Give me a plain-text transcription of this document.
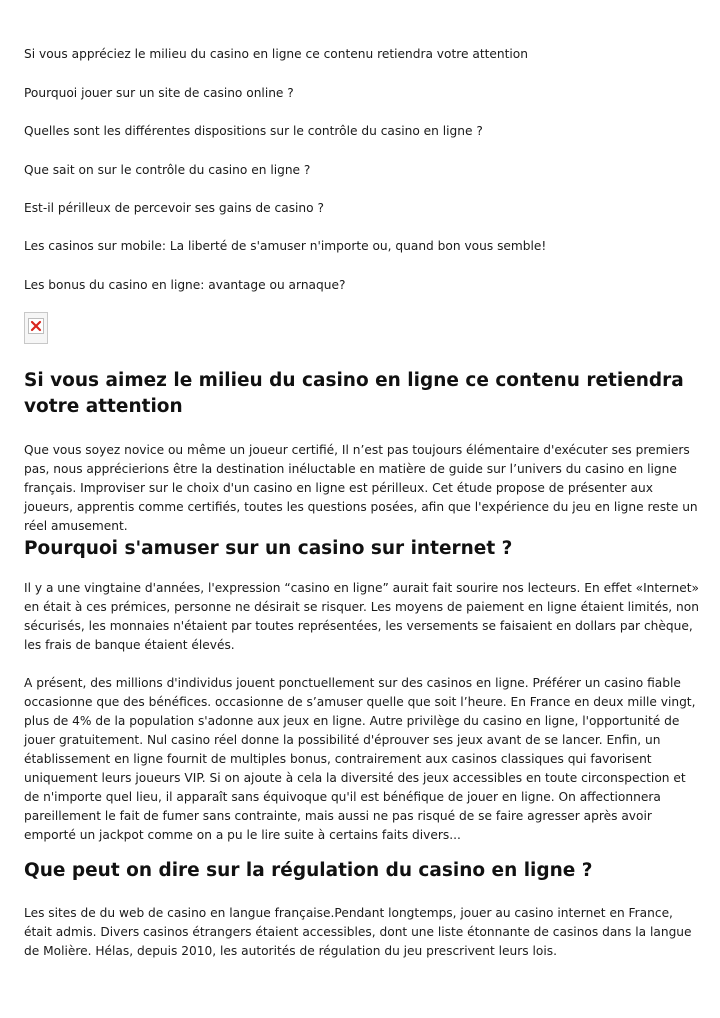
Si vous appréciez le milieu du casino en ligne ce contenu retiendra votre attention
Pourquoi jouer sur un site de casino online ?
Quelles sont les différentes dispositions sur le contrôle du casino en ligne ?
Que sait on sur le contrôle du casino en ligne ?
Est-il périlleux de percevoir ses gains de casino ?
Les casinos sur mobile: La liberté de s'amuser n'importe ou, quand bon vous semble!
Les bonus du casino en ligne: avantage ou arnaque?
Si vous aimez le milieu du casino en ligne ce contenu retiendra votre attention

Que vous soyez novice ou même un joueur certifié, Il n’est pas toujours élémentaire d'exécuter ses premiers pas, nous apprécierions être la destination inéluctable en matière de guide sur l’univers du casino en ligne français. Improviser sur le choix d'un casino en ligne est périlleux. Cet étude propose de présenter aux joueurs, apprentis comme certifiés, toutes les questions posées, afin que l'expérience du jeu en ligne reste un réel amusement.

Pourquoi s'amuser sur un casino sur internet ?

Il y a une vingtaine d'années, l'expression “casino en ligne” aurait fait sourire nos lecteurs. En effet «Internet» en était à ces prémices, personne ne désirait se risquer. Les moyens de paiement en ligne étaient limités, non sécurisés, les monnaies n'étaient par toutes représentées, les versements se faisaient en dollars par chèque, les frais de banque étaient élevés.

A présent, des millions d'individus jouent ponctuellement sur des casinos en ligne. Préférer un casino fiable occasionne que des bénéfices. occasionne de s’amuser quelle que soit l’heure. En France en deux mille vingt, plus de 4% de la population s'adonne aux jeux en ligne. Autre privilège du casino en ligne, l'opportunité de jouer gratuitement. Nul casino réel donne la possibilité d'éprouver ses jeux avant de se lancer. Enfin, un établissement en ligne fournit de multiples bonus, contrairement aux casinos classiques qui favorisent uniquement leurs joueurs VIP. Si on ajoute à cela la diversité des jeux accessibles en toute circonspection et de n'importe quel lieu, il apparaît sans équivoque qu'il est bénéfique de jouer en ligne. On affectionnera pareillement le fait de fumer sans contrainte, mais aussi ne pas risqué de se faire agresser après avoir emporté un jackpot comme on a pu le lire suite à certains faits divers...

Que peut on dire sur la régulation du casino en ligne ?

Les sites de du web de casino en langue française.Pendant longtemps, jouer au casino internet en France, était admis. Divers casinos étrangers étaient accessibles, dont une liste étonnante de casinos dans la langue de Molière. Hélas, depuis 2010, les autorités de régulation du jeu prescrivent leurs lois.
